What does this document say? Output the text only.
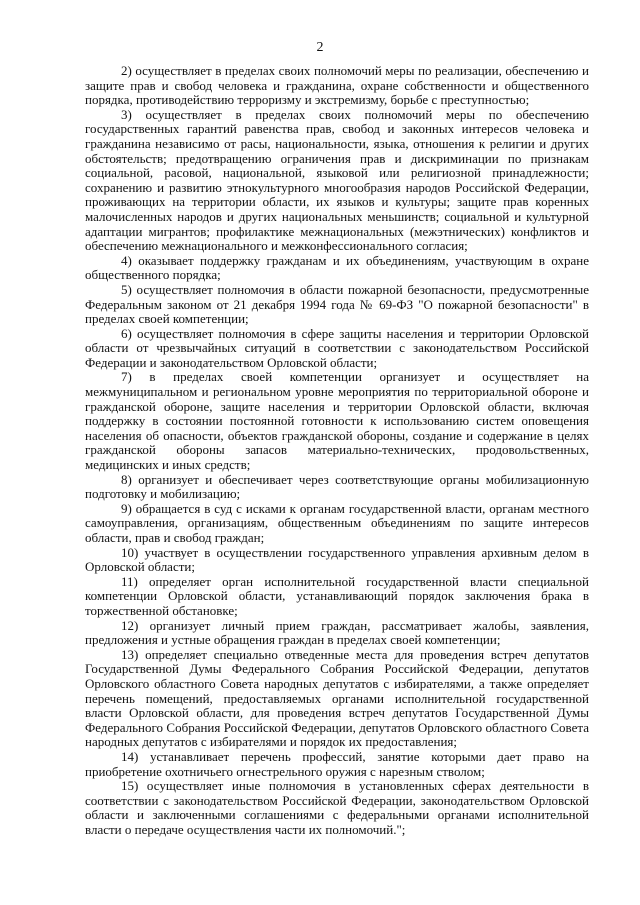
2

2) осуществляет в пределах своих полномочий меры по реализации, обеспечению и защите прав и свобод человека и гражданина, охране собственности и общественного порядка, противодействию терроризму и экстремизму, борьбе с преступностью;

3) осуществляет в пределах своих полномочий меры по обеспечению государственных гарантий равенства прав, свобод и законных интересов человека и гражданина независимо от расы, национальности, языка, отношения к религии и других обстоятельств; предотвращению ограничения прав и дискриминации по признакам социальной, расовой, национальной, языковой или религиозной принадлежности; сохранению и развитию этнокультурного многообразия народов Российской Федерации, проживающих на территории области, их языков и культуры; защите прав коренных малочисленных народов и других национальных меньшинств; социальной и культурной адаптации мигрантов; профилактике межнациональных (межэтнических) конфликтов и обеспечению межнационального и межконфессионального согласия;

4) оказывает поддержку гражданам и их объединениям, участвующим в охране общественного порядка;

5) осуществляет полномочия в области пожарной безопасности, предусмотренные Федеральным законом от 21 декабря 1994 года № 69-ФЗ "О пожарной безопасности" в пределах своей компетенции;

6) осуществляет полномочия в сфере защиты населения и территории Орловской области от чрезвычайных ситуаций в соответствии с законодательством Российской Федерации и законодательством Орловской области;

7) в пределах своей компетенции организует и осуществляет на межмуниципальном и региональном уровне мероприятия по территориальной обороне и гражданской обороне, защите населения и территории Орловской области, включая поддержку в состоянии постоянной готовности к использованию систем оповещения населения об опасности, объектов гражданской обороны, создание и содержание в целях гражданской обороны запасов материально-технических, продовольственных, медицинских и иных средств;

8) организует и обеспечивает через соответствующие органы мобилизационную подготовку и мобилизацию;

9) обращается в суд с исками к органам государственной власти, органам местного самоуправления, организациям, общественным объединениям по защите интересов области, прав и свобод граждан;

10) участвует в осуществлении государственного управления архивным делом в Орловской области;

11) определяет орган исполнительной государственной власти специальной компетенции Орловской области, устанавливающий порядок заключения брака в торжественной обстановке;

12) организует личный прием граждан, рассматривает жалобы, заявления, предложения и устные обращения граждан в пределах своей компетенции;

13) определяет специально отведенные места для проведения встреч депутатов Государственной Думы Федерального Собрания Российской Федерации, депутатов Орловского областного Совета народных депутатов с избирателями, а также определяет перечень помещений, предоставляемых органами исполнительной государственной власти Орловской области, для проведения встреч депутатов Государственной Думы Федерального Собрания Российской Федерации, депутатов Орловского областного Совета народных депутатов с избирателями и порядок их предоставления;

14) устанавливает перечень профессий, занятие которыми дает право на приобретение охотничьего огнестрельного оружия с нарезным стволом;

15) осуществляет иные полномочия в установленных сферах деятельности в соответствии с законодательством Российской Федерации, законодательством Орловской области и заключенными соглашениями с федеральными органами исполнительной власти о передаче осуществления части их полномочий.";
